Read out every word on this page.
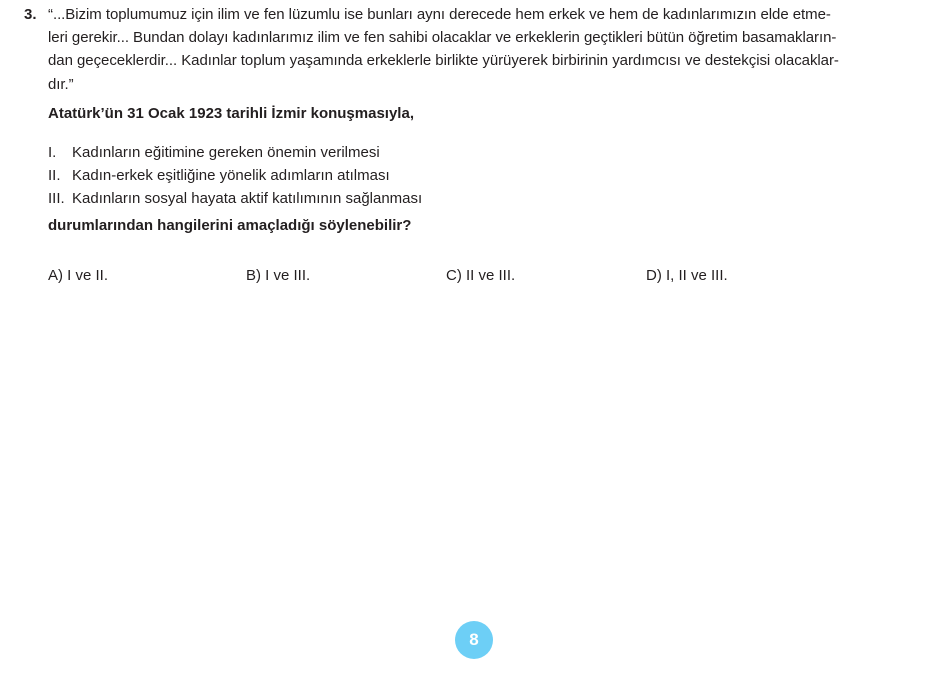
3. “...Bizim toplumumuz için ilim ve fen lüzumlu ise bunları aynı derecede hem erkek ve hem de kadınlarımızın elde etme-
leri gerekir... Bundan dolayı kadınlarımız ilim ve fen sahibi olacaklar ve erkeklerin geçtikleri bütün öğretim basamakların-
dan geçeceklerdir... Kadınlar toplum yaşamında erkeklerle birlikte yürüyerek birbirinin yardımcısı ve destekçisi olacaklar-
dır.”
Atatürk’ün 31 Ocak 1923 tarihli İzmir konuşmasıyla,
I. Kadınların eğitimine gereken önemin verilmesi
II. Kadın-erkek eşitliğine yönelik adımların atılması
III. Kadınların sosyal hayata aktif katılımının sağlanması
durumlarından hangilerini amaçladığı söylenebilir?
A) I ve II.	B) I ve III.	C) II ve III.	D) I, II ve III.
8
